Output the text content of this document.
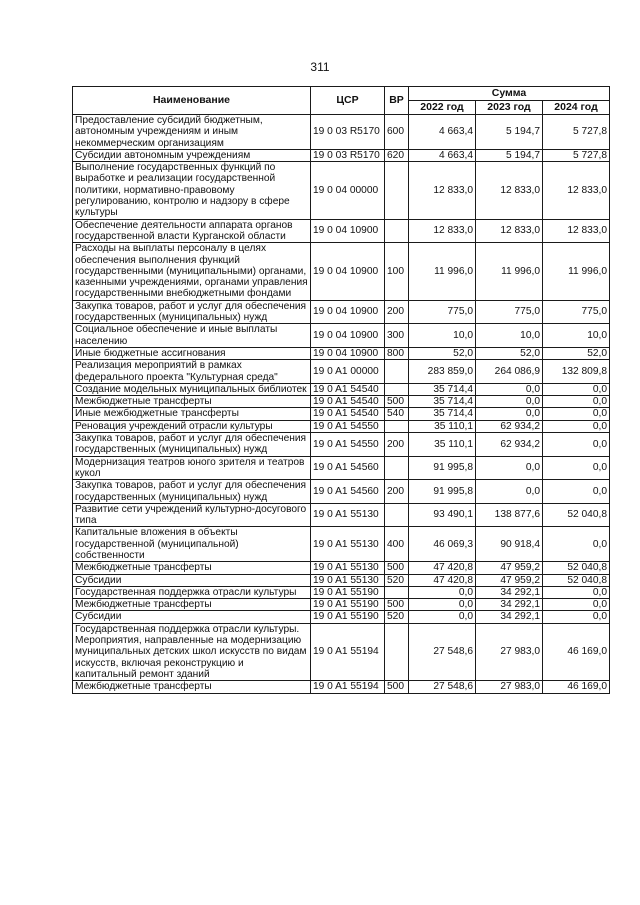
311
Наименование	ЦСР	ВР	Сумма		
			2022 год	2023 год	2024 год
Предоставление субсидий бюджетным, автономным учреждениям и иным некоммерческим организациям	19 0 03 R5170	600	4 663,4	5 194,7	5 727,8
Субсидии автономным учреждениям	19 0 03 R5170	620	4 663,4	5 194,7	5 727,8
Выполнение государственных функций по выработке и реализации государственной политики, нормативно-правовому регулированию, контролю и надзору в сфере культуры	19 0 04 00000		12 833,0	12 833,0	12 833,0
Обеспечение деятельности аппарата органов государственной власти Курганской области	19 0 04 10900		12 833,0	12 833,0	12 833,0
Расходы на выплаты персоналу в целях обеспечения выполнения функций государственными (муниципальными) органами, казенными учреждениями, органами управления государственными внебюджетными фондами	19 0 04 10900	100	11 996,0	11 996,0	11 996,0
Закупка товаров, работ и услуг для обеспечения государственных (муниципальных) нужд	19 0 04 10900	200	775,0	775,0	775,0
Социальное обеспечение и иные выплаты населению	19 0 04 10900	300	10,0	10,0	10,0
Иные бюджетные ассигнования	19 0 04 10900	800	52,0	52,0	52,0
Реализация мероприятий в рамках федерального проекта "Культурная среда"	19 0 A1 00000		283 859,0	264 086,9	132 809,8
Создание модельных муниципальных библиотек	19 0 A1 54540		35 714,4	0,0	0,0
Межбюджетные трансферты	19 0 A1 54540	500	35 714,4	0,0	0,0
Иные межбюджетные трансферты	19 0 A1 54540	540	35 714,4	0,0	0,0
Реновация учреждений отрасли культуры	19 0 A1 54550		35 110,1	62 934,2	0,0
Закупка товаров, работ и услуг для обеспечения государственных (муниципальных) нужд	19 0 A1 54550	200	35 110,1	62 934,2	0,0
Модернизация театров юного зрителя и театров кукол	19 0 A1 54560		91 995,8	0,0	0,0
Закупка товаров, работ и услуг для обеспечения государственных (муниципальных) нужд	19 0 A1 54560	200	91 995,8	0,0	0,0
Развитие сети учреждений культурно-досугового типа	19 0 A1 55130		93 490,1	138 877,6	52 040,8
Капитальные вложения в объекты государственной (муниципальной) собственности	19 0 A1 55130	400	46 069,3	90 918,4	0,0
Межбюджетные трансферты	19 0 A1 55130	500	47 420,8	47 959,2	52 040,8
Субсидии	19 0 A1 55130	520	47 420,8	47 959,2	52 040,8
Государственная поддержка отрасли культуры	19 0 A1 55190		0,0	34 292,1	0,0
Межбюджетные трансферты	19 0 A1 55190	500	0,0	34 292,1	0,0
Субсидии	19 0 A1 55190	520	0,0	34 292,1	0,0
Государственная поддержка отрасли культуры. Мероприятия, направленные на модернизацию муниципальных детских школ искусств по видам искусств, включая реконструкцию и капитальный ремонт зданий	19 0 A1 55194		27 548,6	27 983,0	46 169,0
Межбюджетные трансферты	19 0 A1 55194	500	27 548,6	27 983,0	46 169,0
